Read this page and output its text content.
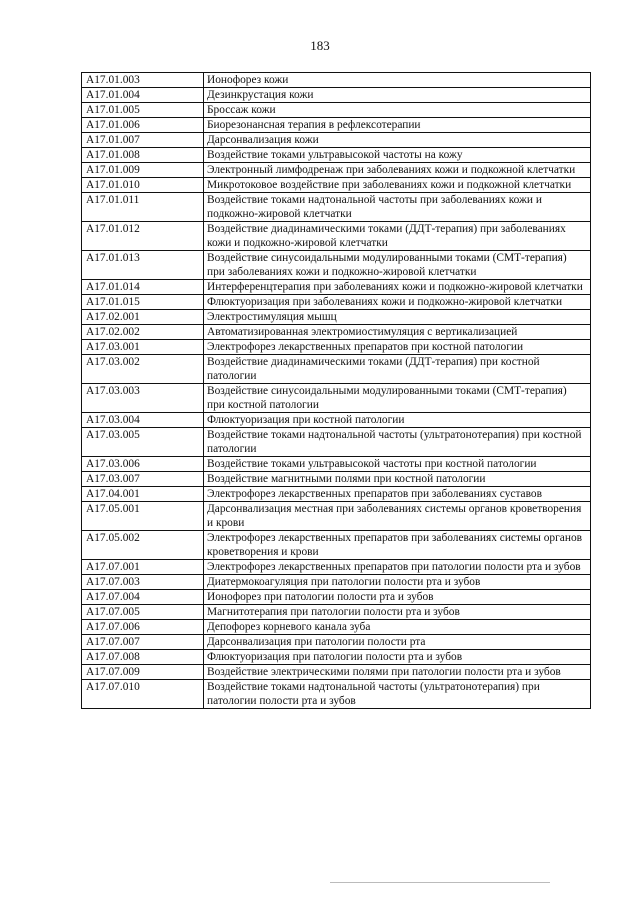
183
A17.01.003	Ионофорез кожи
A17.01.004	Дезинкрустация кожи
A17.01.005	Броссаж кожи
A17.01.006	Биорезонансная терапия в рефлексотерапии
A17.01.007	Дарсонвализация кожи
A17.01.008	Воздействие токами ультравысокой частоты на кожу
A17.01.009	Электронный лимфодренаж при заболеваниях кожи и подкожной клетчатки
A17.01.010	Микротоковое воздействие при заболеваниях кожи и подкожной клетчатки
A17.01.011	Воздействие токами надтональной частоты при заболеваниях кожи и подкожно-жировой клетчатки
A17.01.012	Воздействие диадинамическими токами (ДДТ-терапия) при заболеваниях кожи и подкожно-жировой клетчатки
A17.01.013	Воздействие синусоидальными модулированными токами (СМТ-терапия) при заболеваниях кожи и подкожно-жировой клетчатки
A17.01.014	Интерференцтерапия при заболеваниях кожи и подкожно-жировой клетчатки
A17.01.015	Флюктуоризация при заболеваниях кожи и подкожно-жировой клетчатки
A17.02.001	Электростимуляция мышц
A17.02.002	Автоматизированная электромиостимуляция с вертикализацией
A17.03.001	Электрофорез лекарственных препаратов при костной патологии
A17.03.002	Воздействие диадинамическими токами (ДДТ-терапия) при костной патологии
A17.03.003	Воздействие синусоидальными модулированными токами (СМТ-терапия) при костной патологии
A17.03.004	Флюктуоризация при костной патологии
A17.03.005	Воздействие токами надтональной частоты (ультратонотерапия) при костной патологии
A17.03.006	Воздействие токами ультравысокой частоты при костной патологии
A17.03.007	Воздействие магнитными полями при костной патологии
A17.04.001	Электрофорез лекарственных препаратов при заболеваниях суставов
A17.05.001	Дарсонвализация местная при заболеваниях системы органов кроветворения и крови
A17.05.002	Электрофорез лекарственных препаратов при заболеваниях системы органов кроветворения и крови
A17.07.001	Электрофорез лекарственных препаратов при патологии полости рта и зубов
A17.07.003	Диатермокоагуляция при патологии полости рта и зубов
A17.07.004	Ионофорез при патологии полости рта и зубов
A17.07.005	Магнитотерапия при патологии полости рта и зубов
A17.07.006	Депофорез корневого канала зуба
A17.07.007	Дарсонвализация при патологии полости рта
A17.07.008	Флюктуоризация при патологии полости рта и зубов
A17.07.009	Воздействие электрическими полями при патологии полости рта и зубов
A17.07.010	Воздействие токами надтональной частоты (ультратонотерапия) при патологии полости рта и зубов
